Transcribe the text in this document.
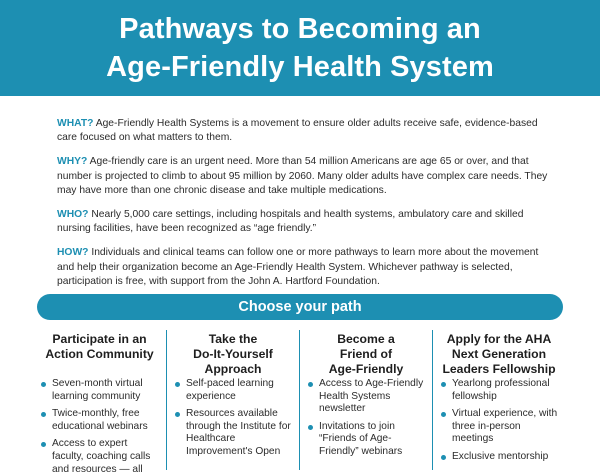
Pathways to Becoming an
Age-Friendly Health System

WHAT? Age-Friendly Health Systems is a movement to ensure older adults receive safe, evidence-based care focused on what matters to them.

WHY? Age-friendly care is an urgent need. More than 54 million Americans are age 65 or over, and that number is projected to climb to about 95 million by 2060. Many older adults have complex care needs. They may have more than one chronic disease and take multiple medications.

WHO? Nearly 5,000 care settings, including hospitals and health systems, ambulatory care and skilled nursing facilities, have been recognized as “age friendly.”

HOW? Individuals and clinical teams can follow one or more pathways to learn more about the movement and help their organization become an Age-Friendly Health System. Whichever pathway is selected, participation is free, with support from the John A. Hartford Foundation.

Choose your path
Participate in an
Action Community
Seven-month virtual learning community
Twice-monthly, free educational webinars
Access to expert faculty, coaching calls and resources — all
Take the
Do-It-Yourself
Approach
Self-paced learning experience
Resources available through the Institute for Healthcare Improvement's Open
Become a
Friend of
Age-Friendly
Access to Age-Friendly Health Systems newsletter
Invitations to join “Friends of Age-Friendly” webinars
Apply for the AHA
Next Generation
Leaders Fellowship
Yearlong professional fellowship
Virtual experience, with three in-person meetings
Exclusive mentorship
